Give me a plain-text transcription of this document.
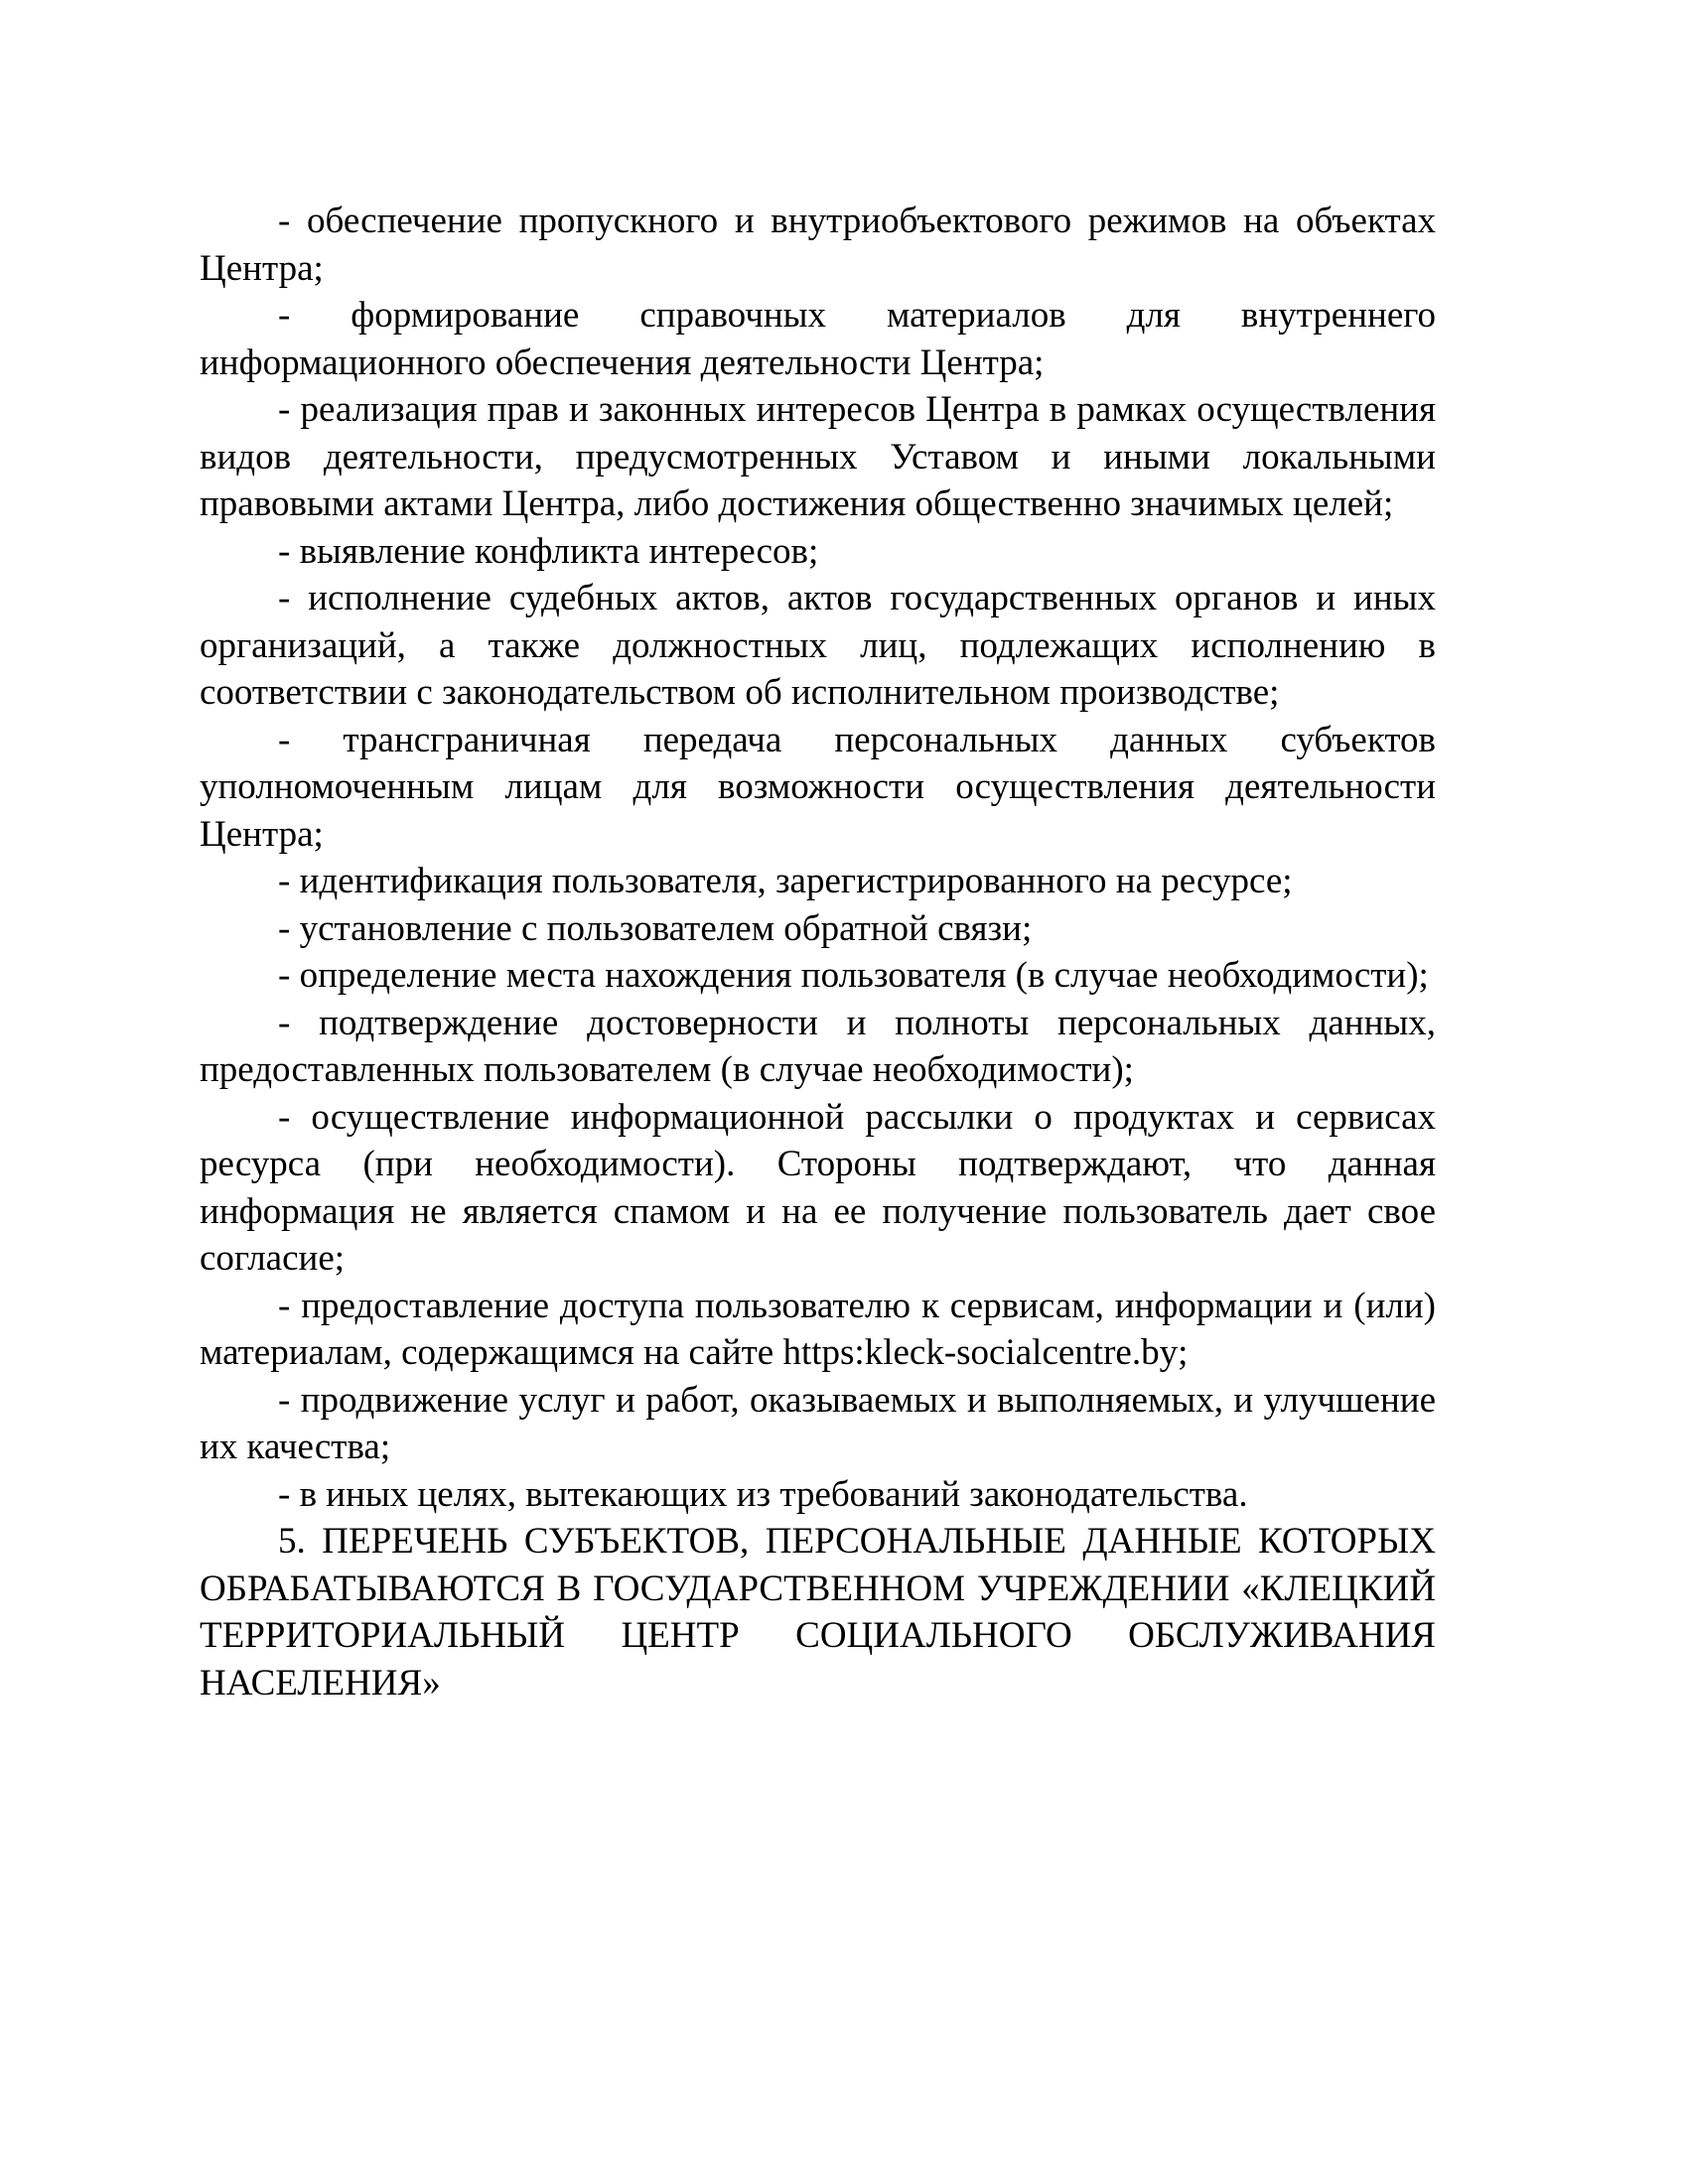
- обеспечение пропускного и внутриобъектового режимов на объектах Центра;

- формирование справочных материалов для внутреннего информационного обеспечения деятельности Центра;

- реализация прав и законных интересов Центра в рамках осуществления видов деятельности, предусмотренных Уставом и иными локальными правовыми актами Центра, либо достижения общественно значимых целей;

- выявление конфликта интересов;

- исполнение судебных актов, актов государственных органов и иных организаций, а также должностных лиц, подлежащих исполнению в соответствии с законодательством об исполнительном производстве;

- трансграничная передача персональных данных субъектов уполномоченным лицам для возможности осуществления деятельности Центра;

- идентификация пользователя, зарегистрированного на ресурсе;

- установление с пользователем обратной связи;

- определение места нахождения пользователя (в случае необходимости);

- подтверждение достоверности и полноты персональных данных, предоставленных пользователем (в случае необходимости);

- осуществление информационной рассылки о продуктах и сервисах ресурса (при необходимости). Стороны подтверждают, что данная информация не является спамом и на ее получение пользователь дает свое согласие;

- предоставление доступа пользователю к сервисам, информации и (или) материалам, содержащимся на сайте https:kleck-socialcentre.by;

- продвижение услуг и работ, оказываемых и выполняемых, и улучшение их качества;

- в иных целях, вытекающих из требований законодательства.

5. ПЕРЕЧЕНЬ СУБЪЕКТОВ, ПЕРСОНАЛЬНЫЕ ДАННЫЕ КОТОРЫХ ОБРАБАТЫВАЮТСЯ В ГОСУДАРСТВЕННОМ УЧРЕЖДЕНИИ «КЛЕЦКИЙ ТЕРРИТОРИАЛЬНЫЙ ЦЕНТР СОЦИАЛЬНОГО ОБСЛУЖИВАНИЯ НАСЕЛЕНИЯ»
